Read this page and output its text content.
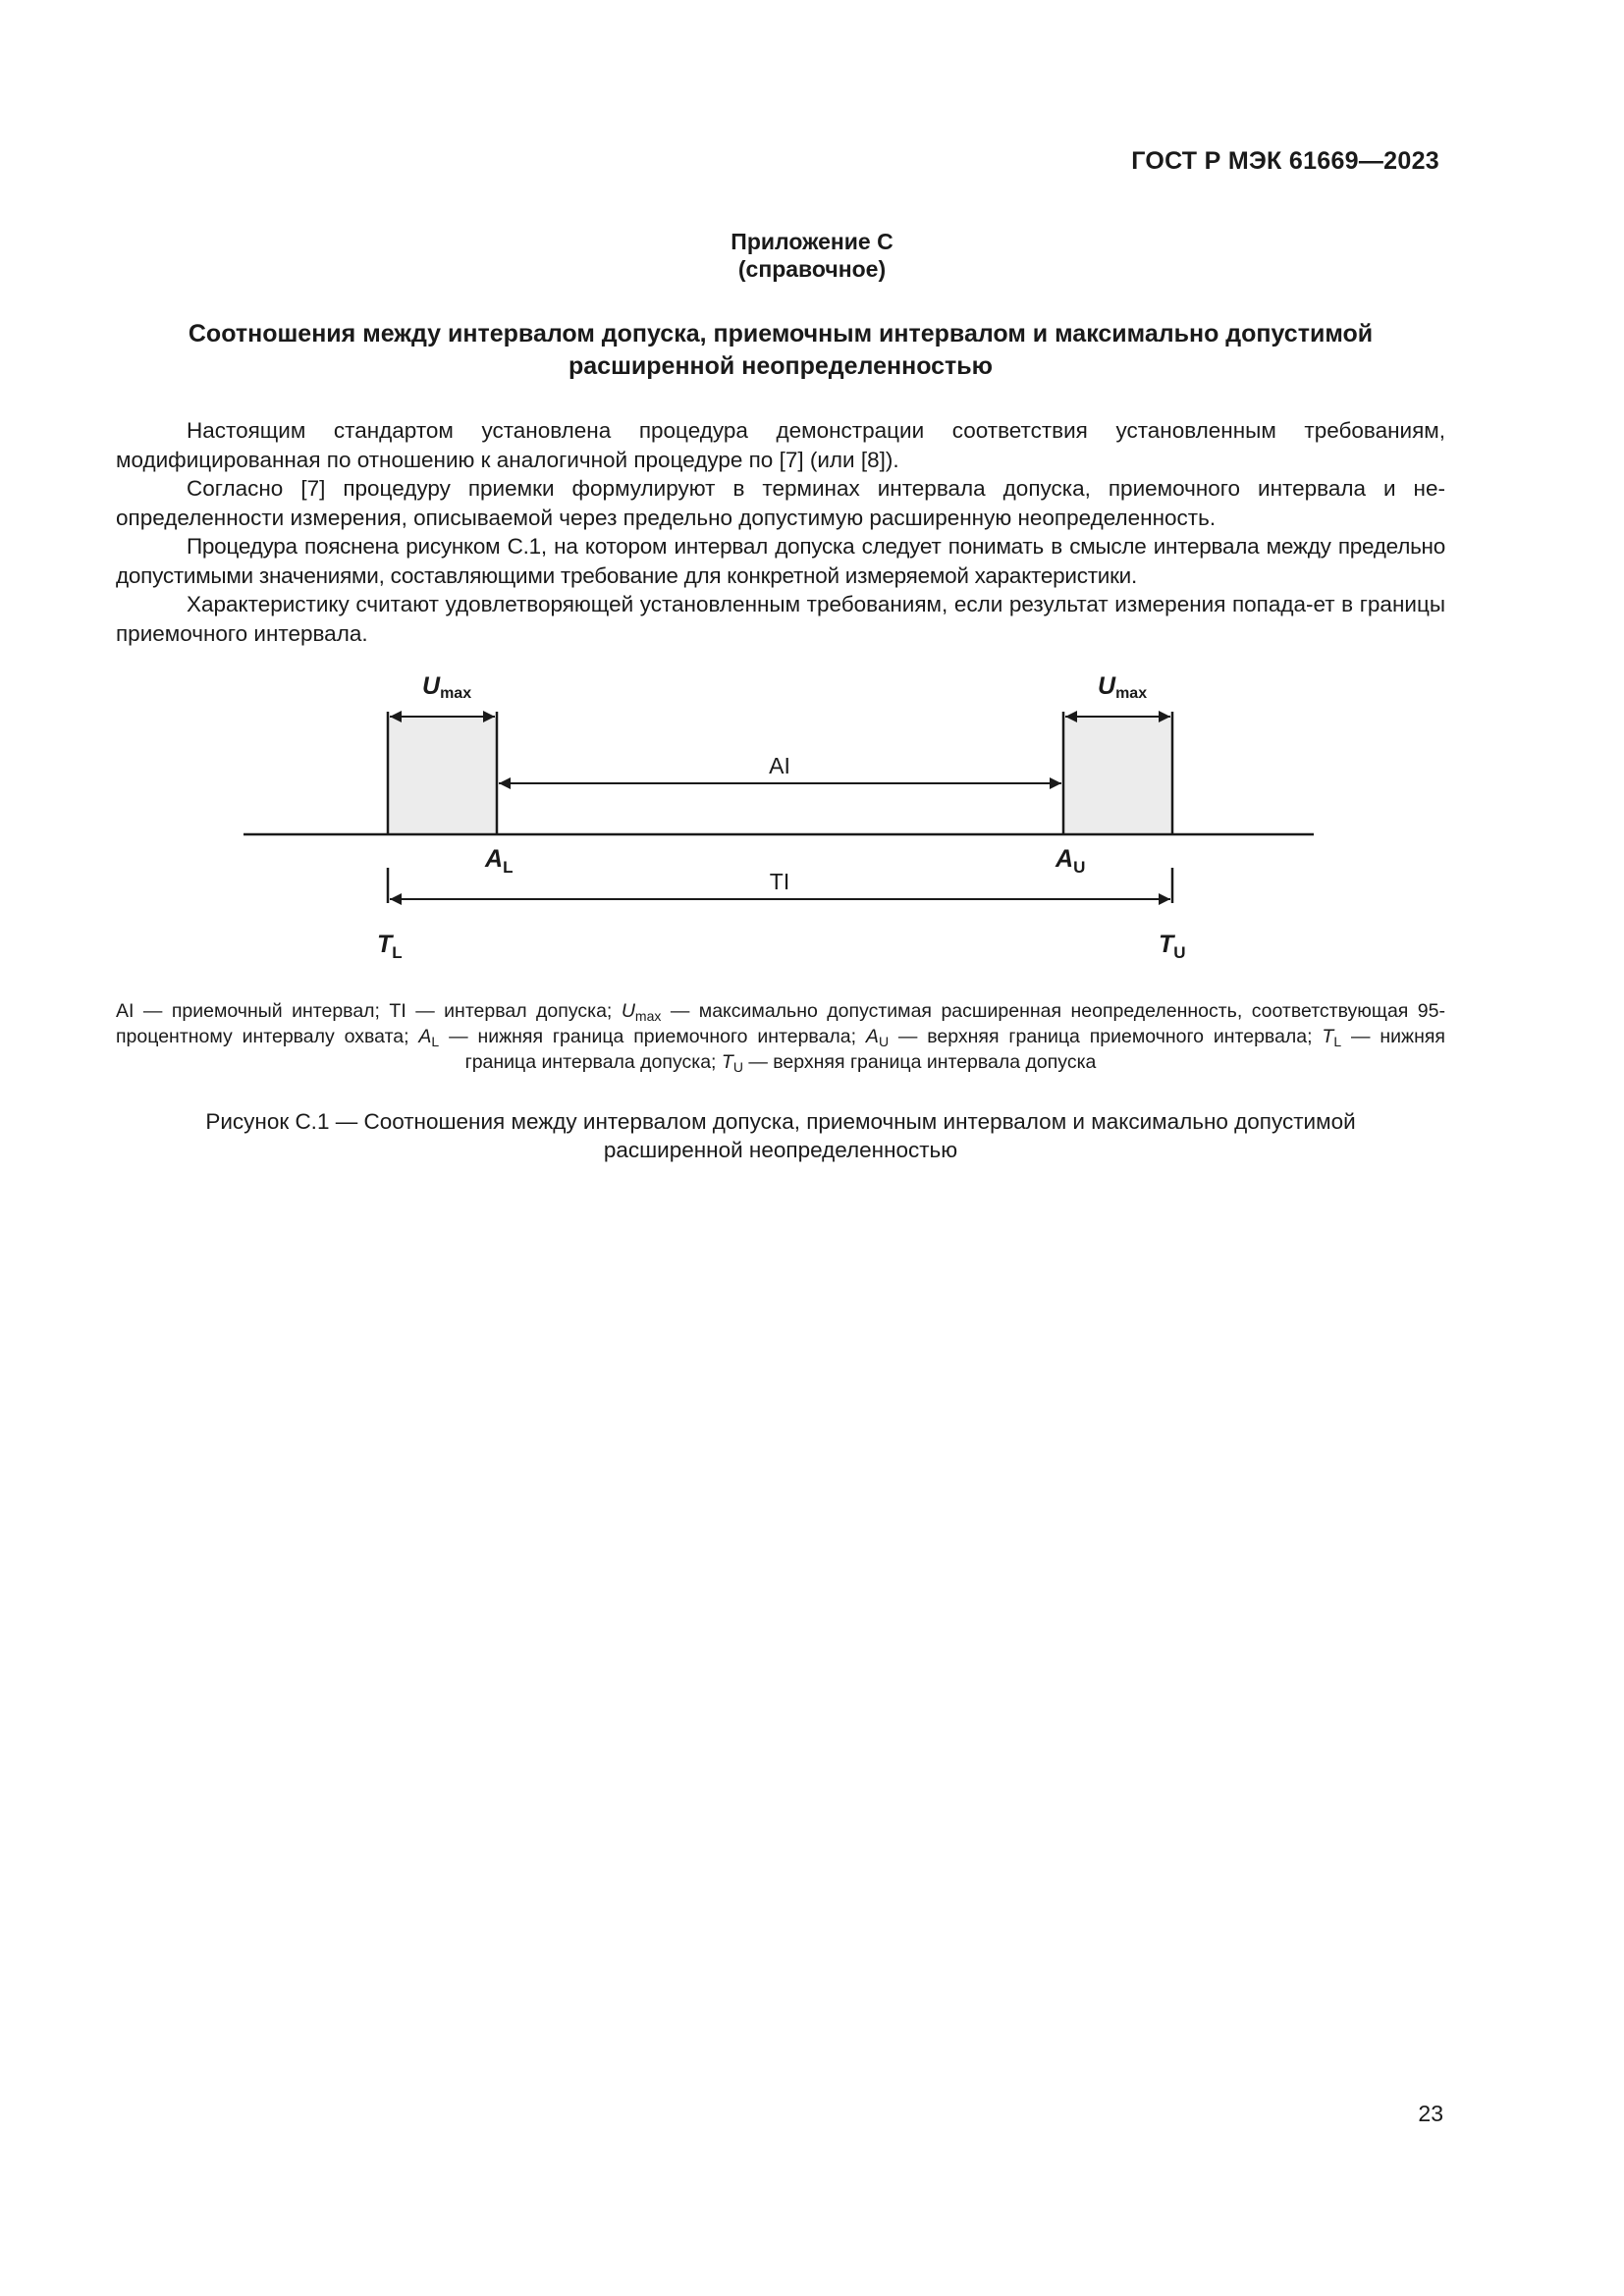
ГОСТ Р МЭК 61669—2023
Приложение С
(справочное)
Соотношения между интервалом допуска, приемочным интервалом и максимально допустимой
расширенной неопределенностью

Настоящим стандартом установлена процедура демонстрации соответствия установленным требованиям, модифицированная по отношению к аналогичной процедуре по [7] (или [8]).

Согласно [7] процедуру приемки формулируют в терминах интервала допуска, приемочного интервала и не-определенности измерения, описываемой через предельно допустимую расширенную неопределенность.

Процедура пояснена рисунком С.1, на котором интервал допуска следует понимать в смысле интервала между предельно допустимыми значениями, составляющими требование для конкретной измеряемой характеристики.

Характеристику считают удовлетворяющей установленным требованиям, если результат измерения попада-ет в границы приемочного интервала.

Umax	Umax
AI
TI
$A_L$	$A_U$
$T_L$	$T_U$
AI — приемочный интервал; TI — интервал допуска; $U_{max}$ — максимально допустимая расширенная неопределенность, соответствующая 95-процентному интервалу охвата; $A_L$ — нижняя граница приемочного интервала; $A_U$ — верхняя граница приемочного интервала; $T_L$ — нижняя граница интервала допуска; $T_U$ — верхняя граница интервала допуска
Рисунок С.1 — Соотношения между интервалом допуска, приемочным интервалом и максимально допустимой
расширенной неопределенностью
23
